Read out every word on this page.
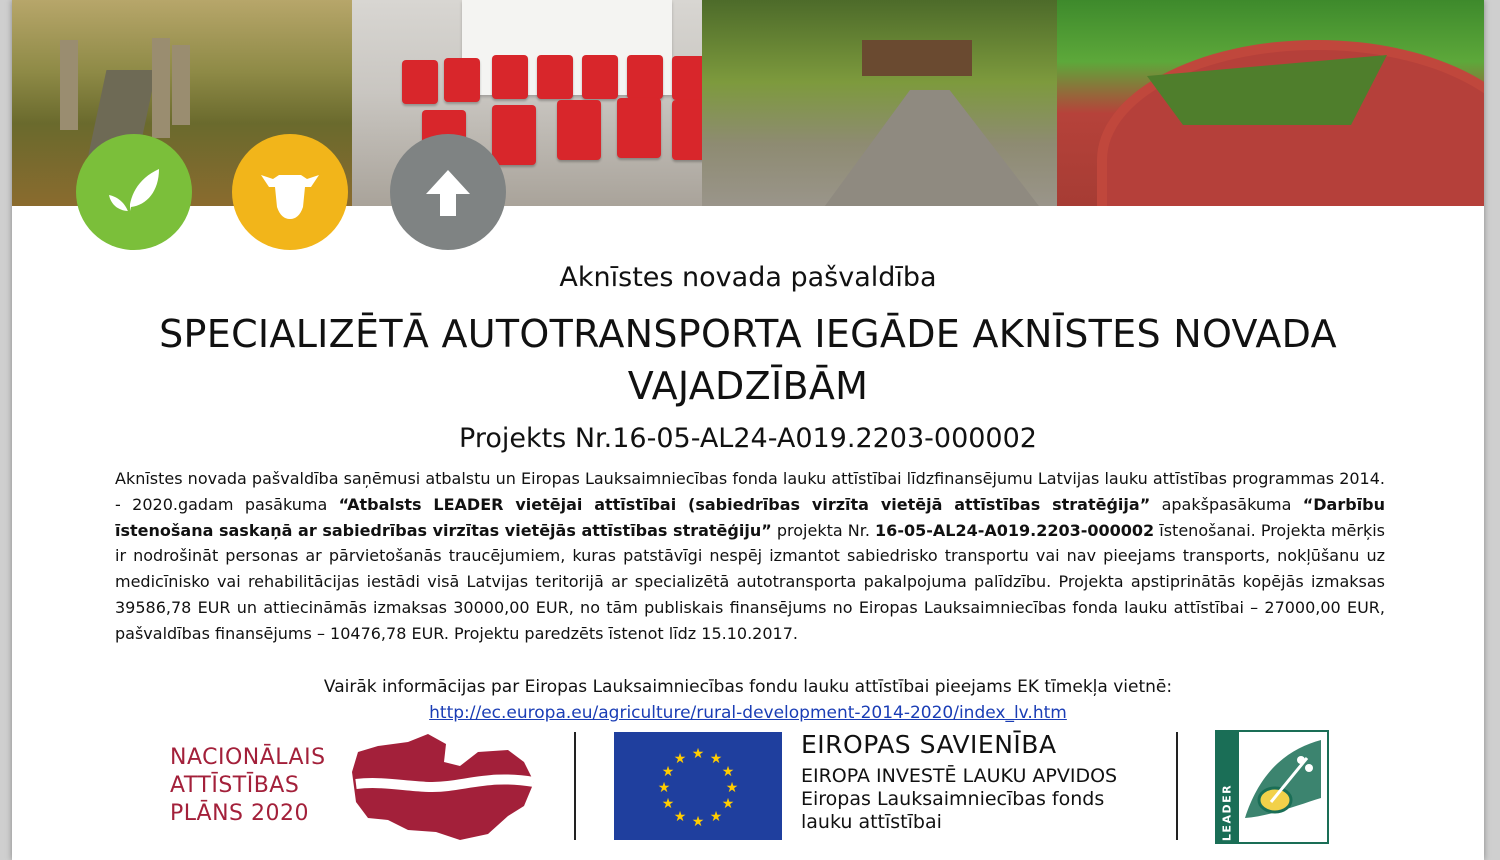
Aknīstes novada pašvaldība
SPECIALIZĒTĀ AUTOTRANSPORTA IEGĀDE AKNĪSTES NOVADA VAJADZĪBĀM
Projekts Nr.16-05-AL24-A019.2203-000002
Aknīstes novada pašvaldība saņēmusi atbalstu un Eiropas Lauksaimniecības fonda lauku attīstībai līdzfinansējumu Latvijas lauku attīstības programmas 2014. - 2020.gadam pasākuma “Atbalsts LEADER vietējai attīstībai (sabiedrības virzīta vietējā attīstības stratēģija” apakšpasākuma “Darbību īstenošana saskaņā ar sabiedrības virzītas vietējās attīstības stratēģiju” projekta Nr. 16-05-AL24-A019.2203-000002 īstenošanai. Projekta mērķis ir nodrošināt personas ar pārvietošanās traucējumiem, kuras patstāvīgi nespēj izmantot sabiedrisko transportu vai nav pieejams transports, nokļūšanu uz medicīnisko vai rehabilitācijas iestādi visā Latvijas teritorijā ar specializētā autotransporta pakalpojuma palīdzību. Projekta apstiprinātās kopējās izmaksas 39586,78 EUR un attiecināmās izmaksas 30000,00 EUR, no tām publiskais finansējums no Eiropas Lauksaimniecības fonda lauku attīstībai – 27000,00 EUR, pašvaldības finansējums – 10476,78 EUR. Projektu paredzēts īstenot līdz 15.10.2017.
Vairāk informācijas par Eiropas Lauksaimniecības fondu lauku attīstībai pieejams EK tīmekļa vietnē:
http://ec.europa.eu/agriculture/rural-development-2014-2020/index_lv.htm
NACIONĀLAIS
ATTĪSTĪBAS
PLĀNS 2020
★ ★
★
★
★
★
★
★
★
★
★
★	EIROPAS SAVIENĪBA
EIROPA INVESTĒ LAUKU APVIDOS
Eiropas Lauksaimniecības fonds
lauku attīstībai	LEADER
